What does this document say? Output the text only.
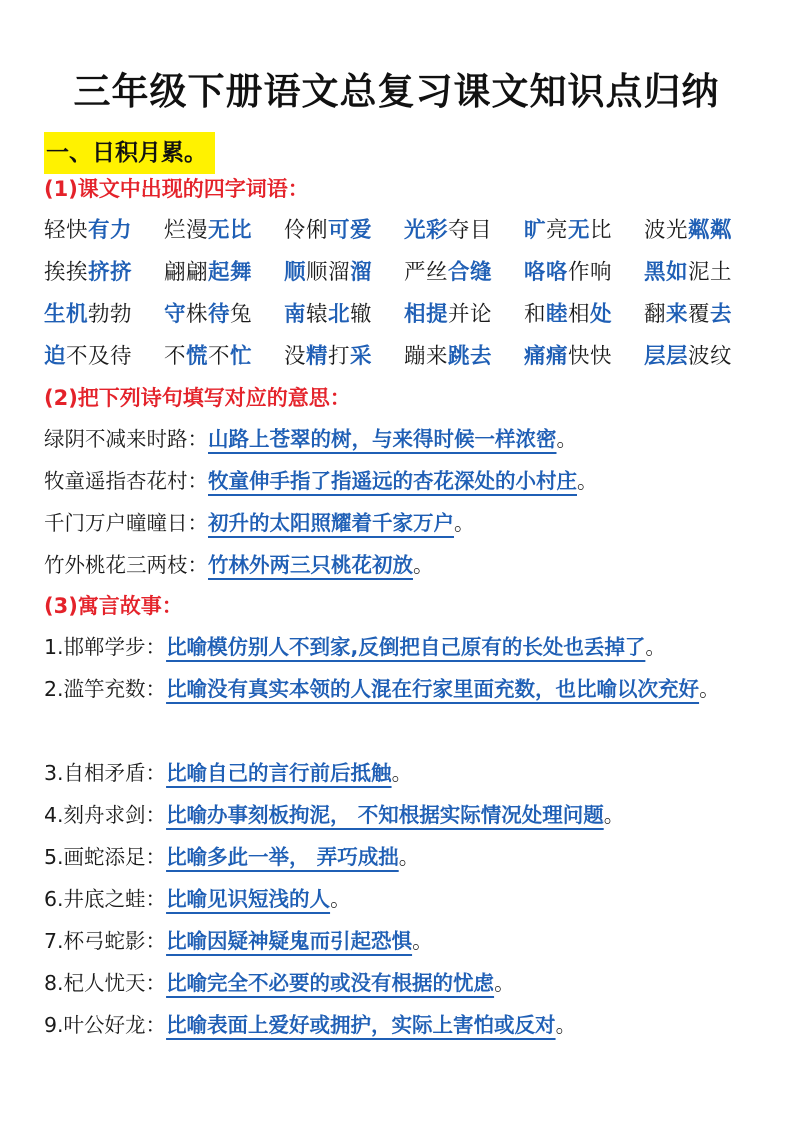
三年级下册语文总复习课文知识点归纳
一、日积月累。
(1)课文中出现的四字词语：
轻快有力	烂漫无比	伶俐可爱	光彩夺目	旷亮无比	波光粼粼
挨挨挤挤	翩翩起舞	顺顺溜溜	严丝合缝	咯咯作响	黑如泥土
生机勃勃	守株待兔	南辕北辙	相提并论	和睦相处	翻来覆去
迫不及待	不慌不忙	没精打采	蹦来跳去	痛痛快快	层层波纹
(2)把下列诗句填写对应的意思：
绿阴不减来时路：山路上苍翠的树，与来得时候一样浓密。
牧童遥指杏花村：牧童伸手指了指遥远的杏花深处的小村庄。
千门万户曈曈日：初升的太阳照耀着千家万户。
竹外桃花三两枝：竹林外两三只桃花初放。
(3)寓言故事：
1.邯郸学步：比喻模仿别人不到家,反倒把自己原有的长处也丢掉了。
2.滥竽充数：比喻没有真实本领的人混在行家里面充数，也比喻以次充好。
3.自相矛盾：比喻自己的言行前后抵触。
4.刻舟求剑：比喻办事刻板拘泥， 不知根据实际情况处理问题。
5.画蛇添足：比喻多此一举， 弄巧成拙。
6.井底之蛙：比喻见识短浅的人。
7.杯弓蛇影：比喻因疑神疑鬼而引起恐惧。
8.杞人忧天：比喻完全不必要的或没有根据的忧虑。
9.叶公好龙：比喻表面上爱好或拥护，实际上害怕或反对。
